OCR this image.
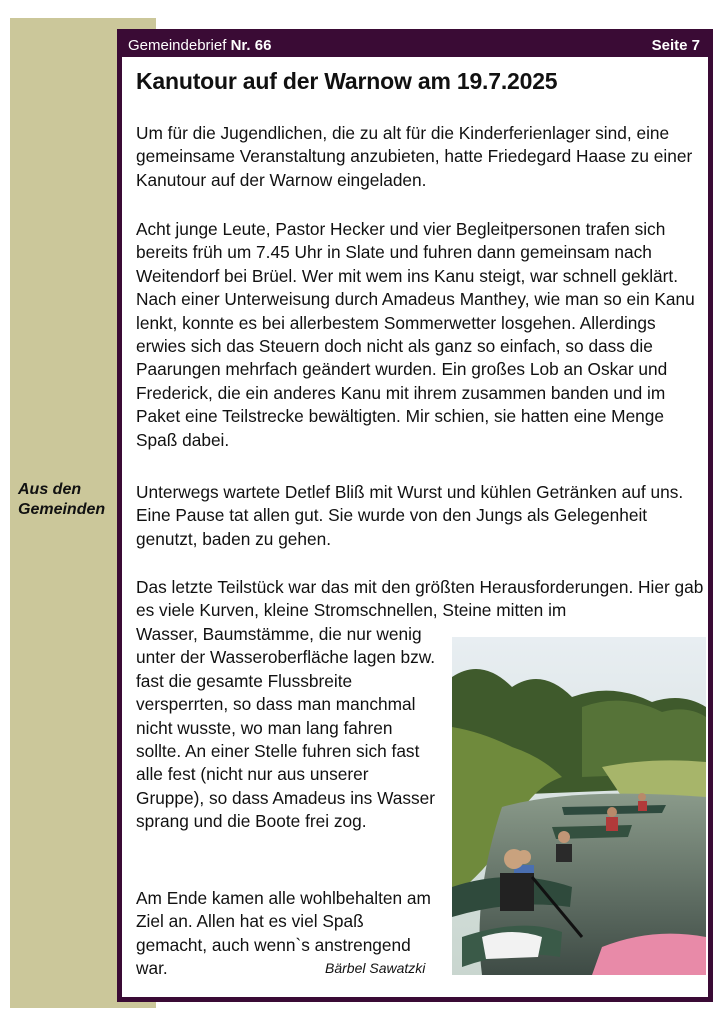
Aus den
Gemeinden
Gemeindebrief Nr. 66	Seite 7
Kanutour auf der Warnow am 19.7.2025

Um für die Jugendlichen, die zu alt für die Kinderferienlager sind, eine gemeinsame Veranstaltung anzubieten, hatte Friedegard Haase zu einer Kanutour auf der Warnow eingeladen.

Acht junge Leute, Pastor Hecker und vier Begleitpersonen trafen sich bereits früh um 7.45 Uhr in Slate und fuhren dann gemeinsam nach Weitendorf bei Brüel. Wer mit wem ins Kanu steigt, war schnell geklärt. Nach einer Unterweisung durch Amadeus Manthey, wie man so ein Kanu lenkt, konnte es bei allerbestem Sommerwetter losgehen. Allerdings erwies sich das Steuern doch nicht als ganz so einfach, so dass die Paarungen mehrfach geändert wurden. Ein großes Lob an Oskar und Frederick, die ein anderes Kanu mit ihrem zusammen banden und im Paket eine Teilstrecke bewältigten. Mir schien, sie hatten eine Menge Spaß dabei.

Unterwegs wartete Detlef Bliß mit Wurst und kühlen Getränken auf uns. Eine Pause tat allen gut. Sie wurde von den Jungs als Gelegenheit genutzt, baden zu gehen.

Das letzte Teilstück war das mit den größten Herausforderungen. Hier gab es viele Kurven, kleine Stromschnellen, Steine mitten im

Wasser, Baumstämme, die nur wenig unter der Wasseroberfläche lagen bzw. fast die gesamte Flussbreite versperrten, so dass man manchmal nicht wusste, wo man lang fahren sollte. An einer Stelle fuhren sich fast alle fest (nicht nur aus unserer Gruppe), so dass Amadeus ins Wasser sprang und die Boote frei zog.

Am Ende kamen alle wohlbehalten am Ziel an. Allen hat es viel Spaß gemacht, auch wenn`s anstrengend war.	Bärbel Sawatzki
